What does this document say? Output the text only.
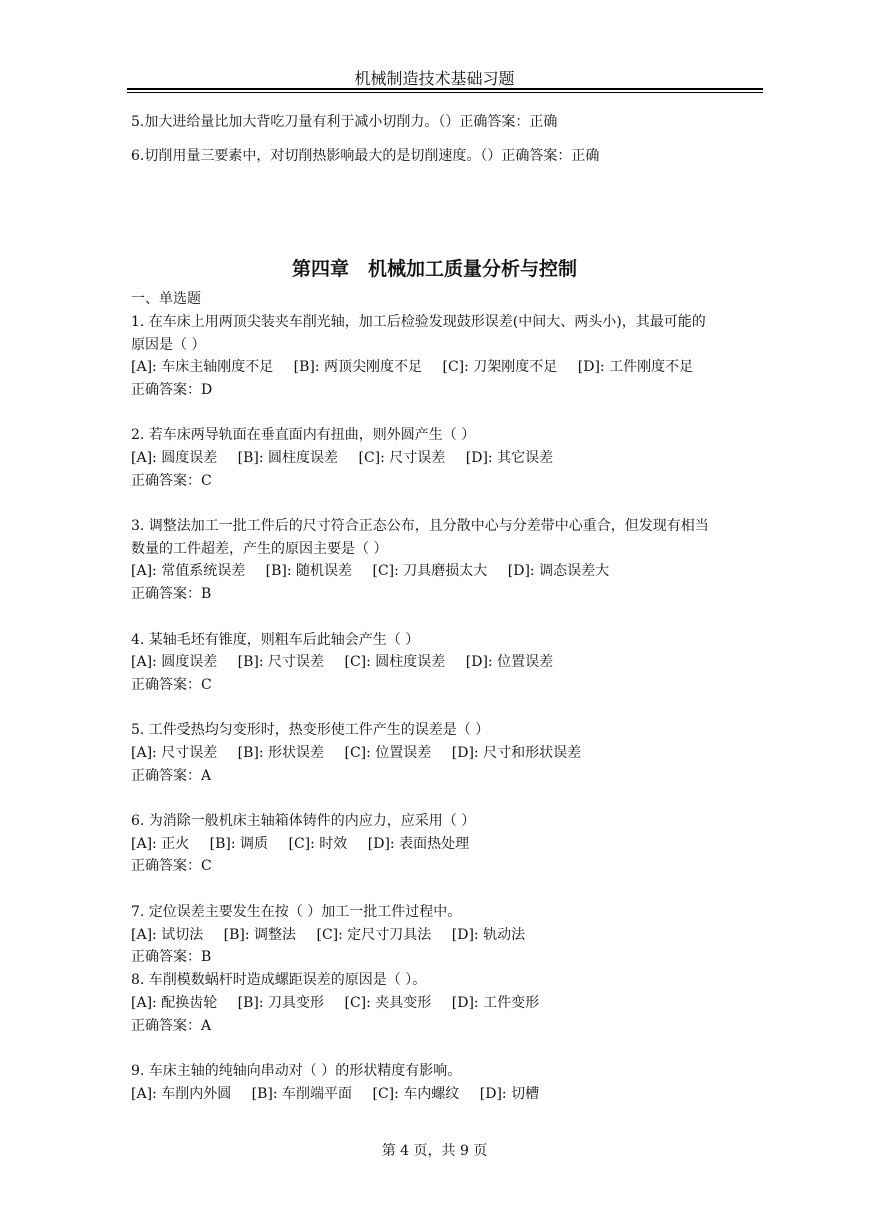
机械制造技术基础习题
5.加大进给量比加大背吃刀量有利于减小切削力。（）正确答案：正确
6.切削用量三要素中，对切削热影响最大的是切削速度。（）正确答案：正确
第四章　机械加工质量分析与控制
一、单选题
1. 在车床上用两顶尖装夹车削光轴，加工后检验发现鼓形误差(中间大、两头小)，其最可能的
原因是（ ）
[A]: 车床主轴刚度不足 [B]: 两顶尖刚度不足 [C]: 刀架刚度不足 [D]: 工件刚度不足
正确答案：D
2. 若车床两导轨面在垂直面内有扭曲，则外圆产生（ ）
[A]: 圆度误差 [B]: 圆柱度误差 [C]: 尺寸误差 [D]: 其它误差
正确答案：C
3. 调整法加工一批工件后的尺寸符合正态公布，且分散中心与分差带中心重合，但发现有相当
数量的工件超差，产生的原因主要是（ ）
[A]: 常值系统误差 [B]: 随机误差 [C]: 刀具磨损太大 [D]: 调态误差大
正确答案：B
4. 某轴毛坯有锥度，则粗车后此轴会产生（ ）
[A]: 圆度误差 [B]: 尺寸误差 [C]: 圆柱度误差 [D]: 位置误差
正确答案：C
5. 工件受热均匀变形时，热变形使工件产生的误差是（ ）
[A]: 尺寸误差 [B]: 形状误差 [C]: 位置误差 [D]: 尺寸和形状误差
正确答案：A
6. 为消除一般机床主轴箱体铸件的内应力，应采用（ ）
[A]: 正火 [B]: 调质 [C]: 时效 [D]: 表面热处理
正确答案：C
7. 定位误差主要发生在按（ ）加工一批工件过程中。
[A]: 试切法 [B]: 调整法 [C]: 定尺寸刀具法 [D]: 轨动法
正确答案：B
8. 车削模数蜗杆时造成螺距误差的原因是（ ）。
[A]: 配换齿轮 [B]: 刀具变形 [C]: 夹具变形 [D]: 工件变形
正确答案：A
9. 车床主轴的纯轴向串动对（ ）的形状精度有影响。
[A]: 车削内外圆 [B]: 车削端平面 [C]: 车内螺纹 [D]: 切槽
第 4 页，共 9 页
